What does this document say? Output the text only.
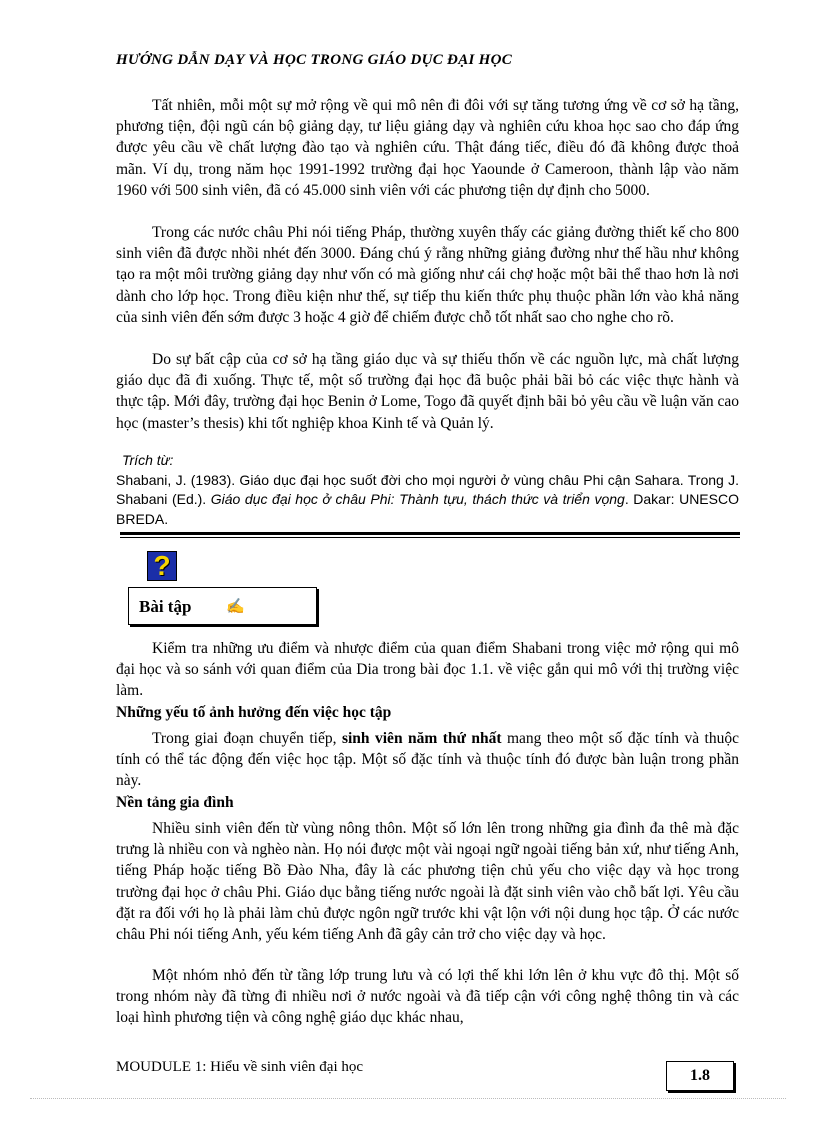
HƯỚNG DẪN DẠY VÀ HỌC TRONG GIÁO DỤC ĐẠI HỌC

Tất nhiên, mỗi một sự mở rộng về qui mô nên đi đôi với sự tăng tương ứng về cơ sở hạ tầng, phương tiện, đội ngũ cán bộ giảng dạy, tư liệu giảng dạy và nghiên cứu khoa học sao cho đáp ứng được yêu cầu về chất lượng đào tạo và nghiên cứu. Thật đáng tiếc, điều đó đã không được thoả mãn. Ví dụ, trong năm học 1991-1992 trường đại học Yaounde ở Cameroon, thành lập vào năm 1960 với 500 sinh viên, đã có 45.000 sinh viên với các phương tiện dự định cho 5000.

Trong các nước châu Phi nói tiếng Pháp, thường xuyên thấy các giảng đường thiết kế cho 800 sinh viên đã được nhồi nhét đến 3000. Đáng chú ý rằng những giảng đường như thế hầu như không tạo ra một môi trường giảng dạy như vốn có mà giống như cái chợ hoặc một bãi thể thao hơn là nơi dành cho lớp học. Trong điều kiện như thế, sự tiếp thu kiến thức phụ thuộc phần lớn vào khả năng của sinh viên đến sớm được 3 hoặc 4 giờ để chiếm được chỗ tốt nhất sao cho nghe cho rõ.

Do sự bất cập của cơ sở hạ tầng giáo dục và sự thiếu thốn về các nguồn lực, mà chất lượng giáo dục đã đi xuống. Thực tế, một số trường đại học đã buộc phải bãi bỏ các việc thực hành và thực tập. Mới đây, trường đại học Benin ở Lome, Togo đã quyết định bãi bỏ yêu cầu về luận văn cao học (master’s thesis) khi tốt nghiệp khoa Kinh tế và Quản lý.

Trích từ:
Shabani, J. (1983). Giáo dục đại học suốt đời cho mọi người ở vùng châu Phi cận Sahara. Trong J. Shabani (Ed.). Giáo dục đại học ở châu Phi: Thành tựu, thách thức và triển vọng. Dakar: UNESCO BREDA.
?
Bài tập ✍

Kiểm tra những ưu điểm và nhược điểm của quan điểm Shabani trong việc mở rộng qui mô đại học và so sánh với quan điểm của Dia trong bài đọc 1.1. về việc gắn qui mô với thị trường việc làm.

Những yếu tố ảnh hưởng đến việc học tập

Trong giai đoạn chuyển tiếp, sinh viên năm thứ nhất mang theo một số đặc tính và thuộc tính có thể tác động đến việc học tập. Một số đặc tính và thuộc tính đó được bàn luận trong phần này.

Nền tảng gia đình

Nhiều sinh viên đến từ vùng nông thôn. Một số lớn lên trong những gia đình đa thê mà đặc trưng là nhiều con và nghèo nàn. Họ nói được một vài ngoại ngữ ngoài tiếng bản xứ, như tiếng Anh, tiếng Pháp hoặc tiếng Bồ Đào Nha, đây là các phương tiện chủ yếu cho việc dạy và học trong trường đại học ở châu Phi. Giáo dục bằng tiếng nước ngoài là đặt sinh viên vào chỗ bất lợi. Yêu cầu đặt ra đối với họ là phải làm chủ được ngôn ngữ trước khi vật lộn với nội dung học tập. Ở các nước châu Phi nói tiếng Anh, yếu kém tiếng Anh đã gây cản trở cho việc dạy và học.

Một nhóm nhỏ đến từ tầng lớp trung lưu và có lợi thế khi lớn lên ở khu vực đô thị. Một số trong nhóm này đã từng đi nhiều nơi ở nước ngoài và đã tiếp cận với công nghệ thông tin và các loại hình phương tiện và công nghệ giáo dục khác nhau,

MOUDULE 1: Hiểu về sinh viên đại học	1.8
